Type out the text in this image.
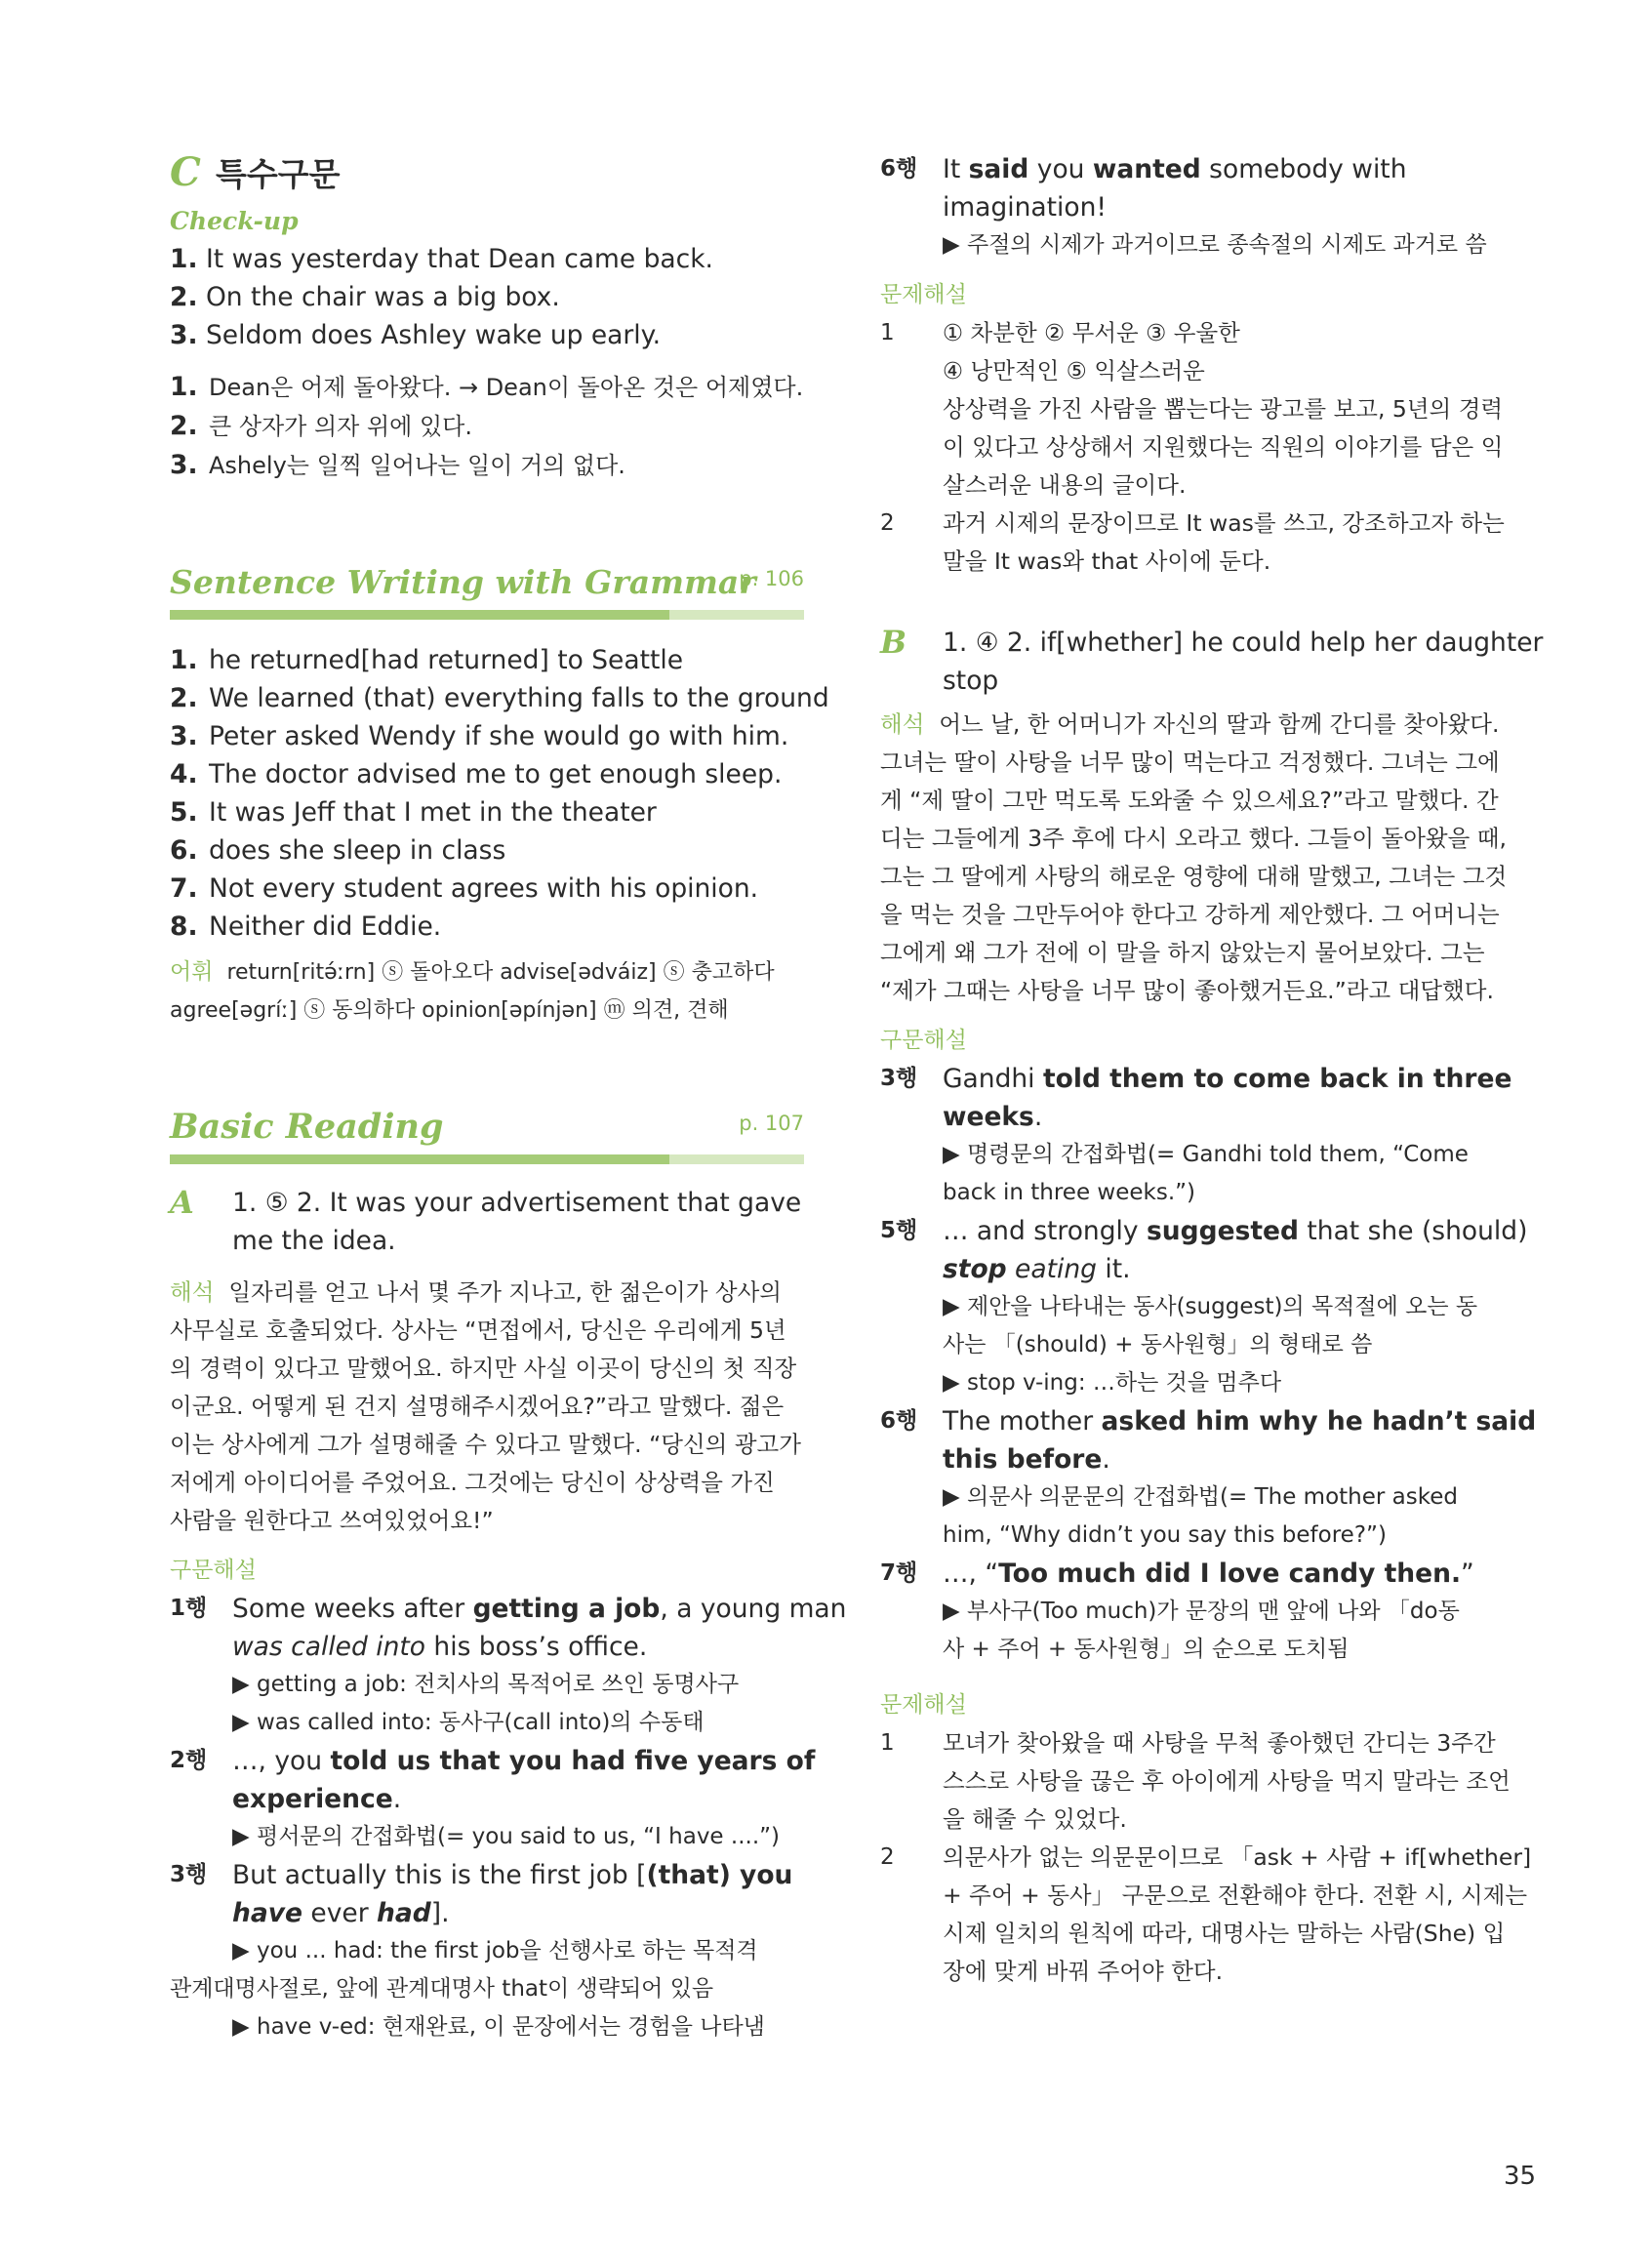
C 특수구문
Check-up
1. It was yesterday that Dean came back.
2. On the chair was a big box.
3. Seldom does Ashley wake up early.
1. Dean은 어제 돌아왔다. → Dean이 돌아온 것은 어제였다.
2. 큰 상자가 의자 위에 있다.
3. Ashely는 일찍 일어나는 일이 거의 없다.
Sentence Writing with Grammar
p. 106
1. he returned[had returned] to Seattle
2. We learned (that) everything falls to the ground
3. Peter asked Wendy if she would go with him.
4. The doctor advised me to get enough sleep.
5. It was Jeff that I met in the theater
6. does she sleep in class
7. Not every student agrees with his opinion.
8. Neither did Eddie.
어휘 return[ritə́ːrn] ⓢ 돌아오다 advise[ədváiz] ⓢ 충고하다
agree[əgríː] ⓢ 동의하다 opinion[əpínjən] ⓜ 의견, 견해
Basic Reading	p. 107
A	1. ⑤ 2. It was your advertisement that gave
me the idea.
해석 일자리를 얻고 나서 몇 주가 지나고, 한 젊은이가 상사의
사무실로 호출되었다. 상사는 “면접에서, 당신은 우리에게 5년
의 경력이 있다고 말했어요. 하지만 사실 이곳이 당신의 첫 직장
이군요. 어떻게 된 건지 설명해주시겠어요?”라고 말했다. 젊은
이는 상사에게 그가 설명해줄 수 있다고 말했다. “당신의 광고가
저에게 아이디어를 주었어요. 그것에는 당신이 상상력을 가진
사람을 원한다고 쓰여있었어요!”
구문해설
1행 Some weeks after getting a job, a young man
was called into his boss’s office.
▶ getting a job: 전치사의 목적어로 쓰인 동명사구
▶ was called into: 동사구(call into)의 수동태
2행 …, you told us that you had five years of
experience.
▶ 평서문의 간접화법(= you said to us, “I have ....”)
3행 But actually this is the first job [(that) you
have ever had].
▶ you ... had: the first job을 선행사로 하는 목적격
관계대명사절로, 앞에 관계대명사 that이 생략되어 있음
▶ have v-ed: 현재완료, 이 문장에서는 경험을 나타냄
6행 It said you wanted somebody with
imagination!
▶ 주절의 시제가 과거이므로 종속절의 시제도 과거로 씀
문제해설
1	① 차분한 ② 무서운 ③ 우울한
④ 낭만적인 ⑤ 익살스러운
상상력을 가진 사람을 뽑는다는 광고를 보고, 5년의 경력
이 있다고 상상해서 지원했다는 직원의 이야기를 담은 익
살스러운 내용의 글이다.
2	과거 시제의 문장이므로 It was를 쓰고, 강조하고자 하는
말을 It was와 that 사이에 둔다.
B	1. ④ 2. if[whether] he could help her daughter
stop
해석 어느 날, 한 어머니가 자신의 딸과 함께 간디를 찾아왔다.
그녀는 딸이 사탕을 너무 많이 먹는다고 걱정했다. 그녀는 그에
게 “제 딸이 그만 먹도록 도와줄 수 있으세요?”라고 말했다. 간
디는 그들에게 3주 후에 다시 오라고 했다. 그들이 돌아왔을 때,
그는 그 딸에게 사탕의 해로운 영향에 대해 말했고, 그녀는 그것
을 먹는 것을 그만두어야 한다고 강하게 제안했다. 그 어머니는
그에게 왜 그가 전에 이 말을 하지 않았는지 물어보았다. 그는
“제가 그때는 사탕을 너무 많이 좋아했거든요.”라고 대답했다.
구문해설
3행 Gandhi told them to come back in three
weeks.
▶ 명령문의 간접화법(= Gandhi told them, “Come
back in three weeks.”)
5행 … and strongly suggested that she (should)
stop eating it.
▶ 제안을 나타내는 동사(suggest)의 목적절에 오는 동
사는 「(should) + 동사원형」의 형태로 씀
▶ stop v-ing: …하는 것을 멈추다
6행 The mother asked him why he hadn’t said
this before.
▶ 의문사 의문문의 간접화법(= The mother asked
him, “Why didn’t you say this before?”)
7행 …, “Too much did I love candy then.”
▶ 부사구(Too much)가 문장의 맨 앞에 나와 「do동
사 + 주어 + 동사원형」의 순으로 도치됨
문제해설
1	모녀가 찾아왔을 때 사탕을 무척 좋아했던 간디는 3주간
스스로 사탕을 끊은 후 아이에게 사탕을 먹지 말라는 조언
을 해줄 수 있었다.
2	의문사가 없는 의문문이므로 「ask + 사람 + if[whether]
+ 주어 + 동사」 구문으로 전환해야 한다. 전환 시, 시제는
시제 일치의 원칙에 따라, 대명사는 말하는 사람(She) 입
장에 맞게 바꿔 주어야 한다.
35
